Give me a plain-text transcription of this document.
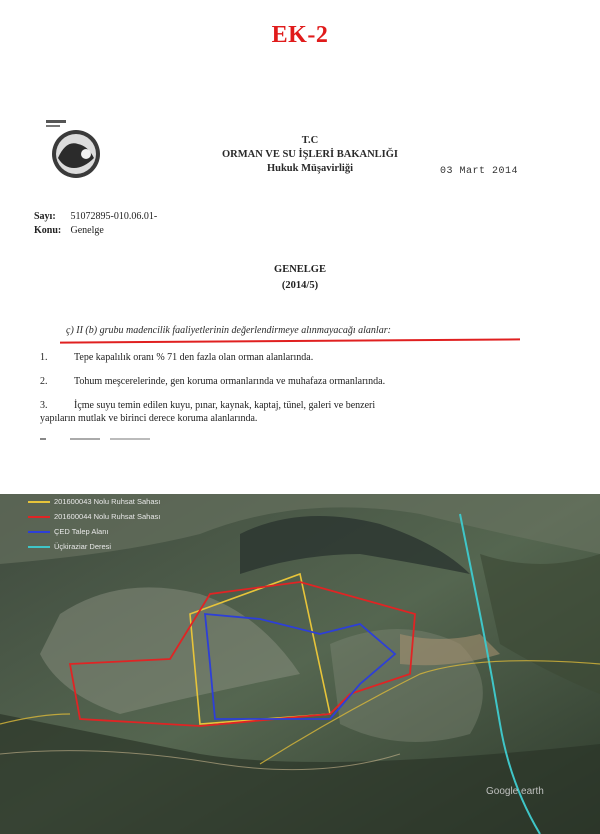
EK-2
T.C
ORMAN VE SU İŞLERİ BAKANLIĞI
Hukuk Müşavirliği	03 Mart 2014
Sayı: 51072895-010.06.01-
Konu: Genelge
GENELGE
(2014/5)
ç) II (b) grubu madencilik faaliyetlerinin değerlendirmeye alınmayacağı alanlar:
1.	Tepe kapalılık oranı % 71 den fazla olan orman alanlarında.
2.	Tohum meşcerelerinde, gen koruma ormanlarında ve muhafaza ormanlarında.
3.	İçme suyu temin edilen kuyu, pınar, kaynak, kaptaj, tünel, galeri ve benzeri
yapıların mutlak ve birinci derece koruma alanlarında.
201600043 Nolu Ruhsat Sahası
201600044 Nolu Ruhsat Sahası
ÇED Talep Alanı
Üçkiraziar Deresi
Google earth
